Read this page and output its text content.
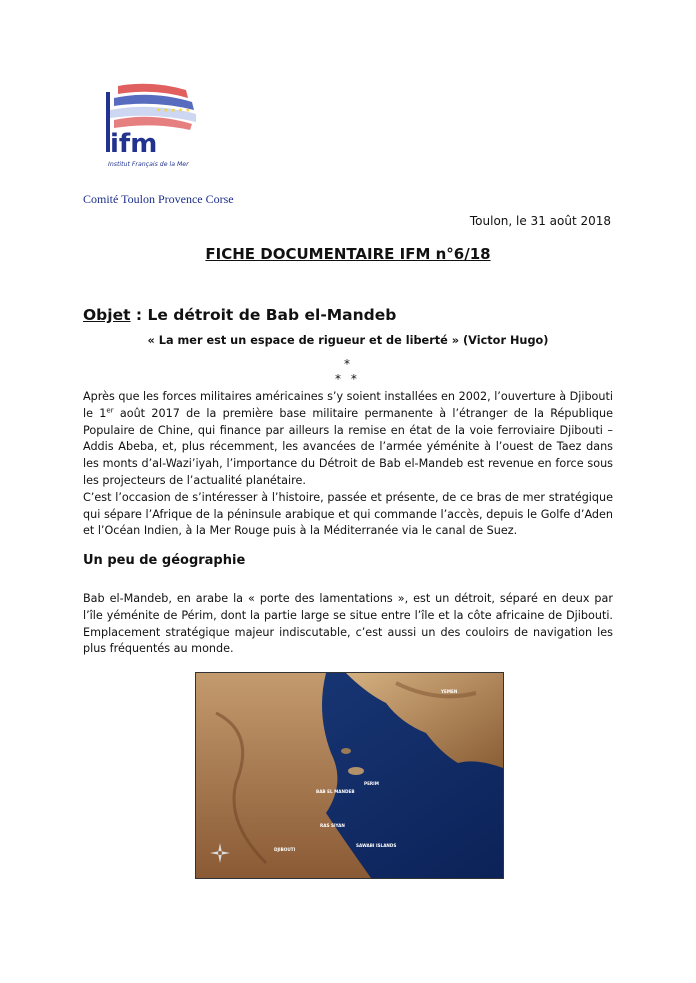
★ ★ ★ ★ ★
ifm
Institut Français de la Mer
Comité Toulon Provence Corse
Toulon, le 31 août 2018
FICHE DOCUMENTAIRE IFM n°6/18
Objet : Le détroit de Bab el-Mandeb
« La mer est un espace de rigueur et de liberté » (Victor Hugo)
*
* *

Après que les forces militaires américaines s’y soient installées en 2002, l’ouverture à Djibouti le 1er août 2017 de la première base militaire permanente à l’étranger de la République Populaire de Chine, qui finance par ailleurs la remise en état de la voie ferroviaire Djibouti – Addis Abeba, et, plus récemment, les avancées de l’armée yéménite à l’ouest de Taez dans les monts d’al-Wazi’iyah, l’importance du Détroit de Bab el-Mandeb est revenue en force sous les projecteurs de l’actualité planétaire.
C’est l’occasion de s’intéresser à l’histoire, passée et présente, de ce bras de mer stratégique qui sépare l’Afrique de la péninsule arabique et qui commande l’accès, depuis le Golfe d’Aden et l’Océan Indien, à la Mer Rouge puis à la Méditerranée via le canal de Suez.

Un peu de géographie

Bab el-Mandeb, en arabe la « porte des lamentations », est un détroit, séparé en deux par l’île yéménite de Périm, dont la partie large se situe entre l’île et la côte africaine de Djibouti. Emplacement stratégique majeur indiscutable, c’est aussi un des couloirs de navigation les plus fréquentés au monde.

YEMEN
BAB EL MANDEB
PERIM
RAS SIYAN
SAWABI ISLANDS
DJIBOUTI
